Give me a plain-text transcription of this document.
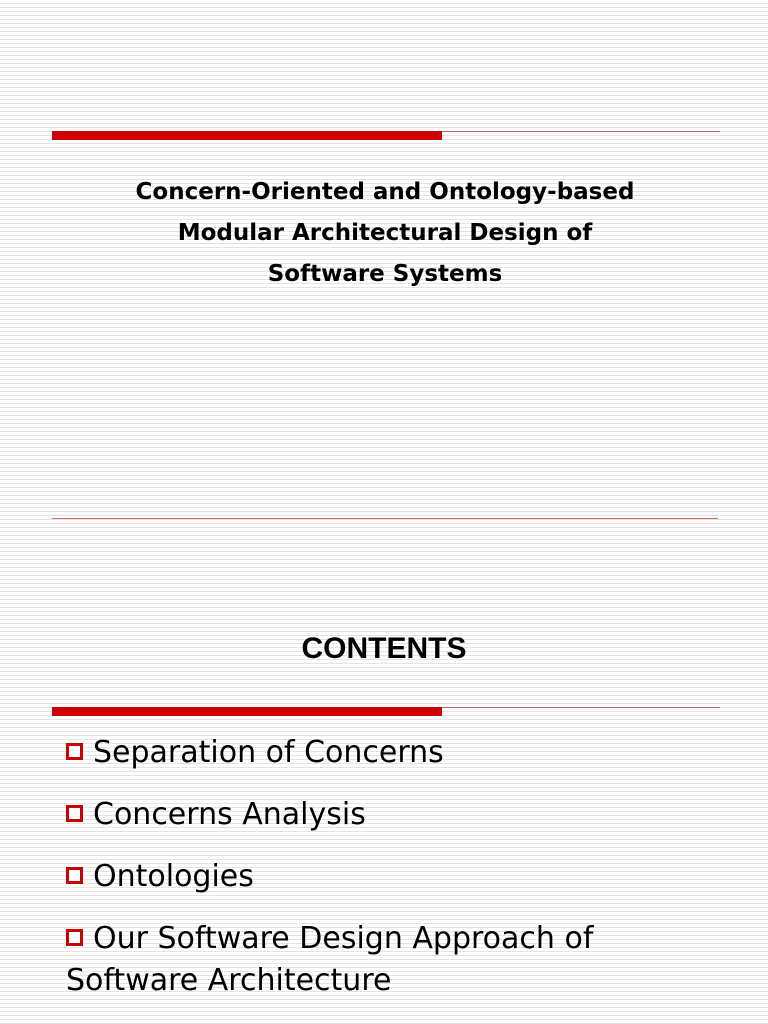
Concern-Oriented and Ontology-based
Modular Architectural Design of
Software Systems
CONTENTS
Separation of Concerns
Concerns Analysis
Ontologies
Our Software Design Approach of Software Architecture
